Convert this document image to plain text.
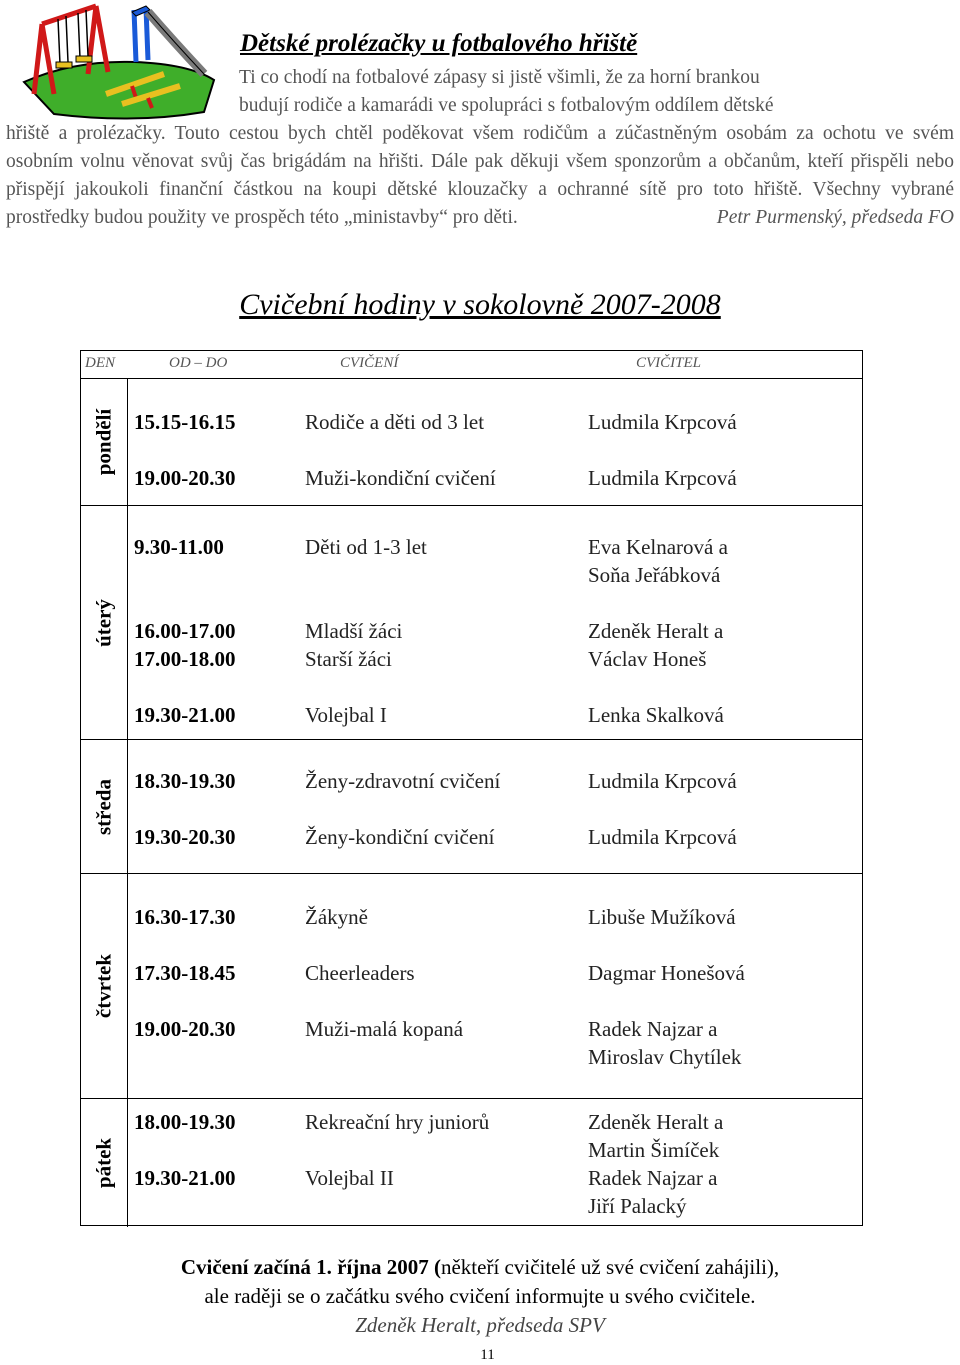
Dětské prolézačky u fotbalového hřiště
Ti co chodí na fotbalové zápasy si jistě všimli, že za horní brankou
budují rodiče a kamarádi ve spolupráci s fotbalovým oddílem dětské
hřiště a prolézačky. Touto cestou bych chtěl poděkovat všem rodičům a zúčastněným osobám za ochotu ve svém osobním volnu věnovat svůj čas brigádám na hřišti. Dále pak děkuji všem sponzorům a občanům, kteří přispěli nebo přispějí jakoukoli finanční částkou na koupi dětské klouzačky a ochranné sítě pro toto hřiště. Všechny vybrané prostředky budou použity ve prospěch této „ministavby“ pro děti.	Petr Purmenský, předseda FO
Cvičební hodiny v sokolovně 2007-2008
DEN	OD – DO	CVIČENÍ	CVIČITEL
pondělí 15.15-16.15	Rodiče a děti od 3 let	Ludmila Krpcová
19.00-20.30	Muži-kondiční cvičení	Ludmila Krpcová
úterý
9.30-11.00	Děti od 1-3 let	Eva Kelnarová a
Soňa Jeřábková
16.00-17.00	Mladší žáci	Zdeněk Heralt a
17.00-18.00	Starší žáci	Václav Honeš
19.30-21.00	Volejbal I	Lenka Skalková
středa 18.30-19.30	Ženy-zdravotní cvičení	Ludmila Krpcová
19.30-20.30	Ženy-kondiční cvičení	Ludmila Krpcová
čtvrtek
16.30-17.30	Žákyně	Libuše Mužíková
17.30-18.45	Cheerleaders	Dagmar Honešová
19.00-20.30	Muži-malá kopaná	Radek Najzar a
Miroslav Chytílek
pátek
18.00-19.30	Rekreační hry juniorů	Zdeněk Heralt a
Martin Šimíček
19.30-21.00	Volejbal II	Radek Najzar a
Jiří Palacký
Cvičení začíná 1. října 2007 (někteří cvičitelé už své cvičení zahájili),
ale raději se o začátku svého cvičení informujte u svého cvičitele.
Zdeněk Heralt, předseda SPV
11
